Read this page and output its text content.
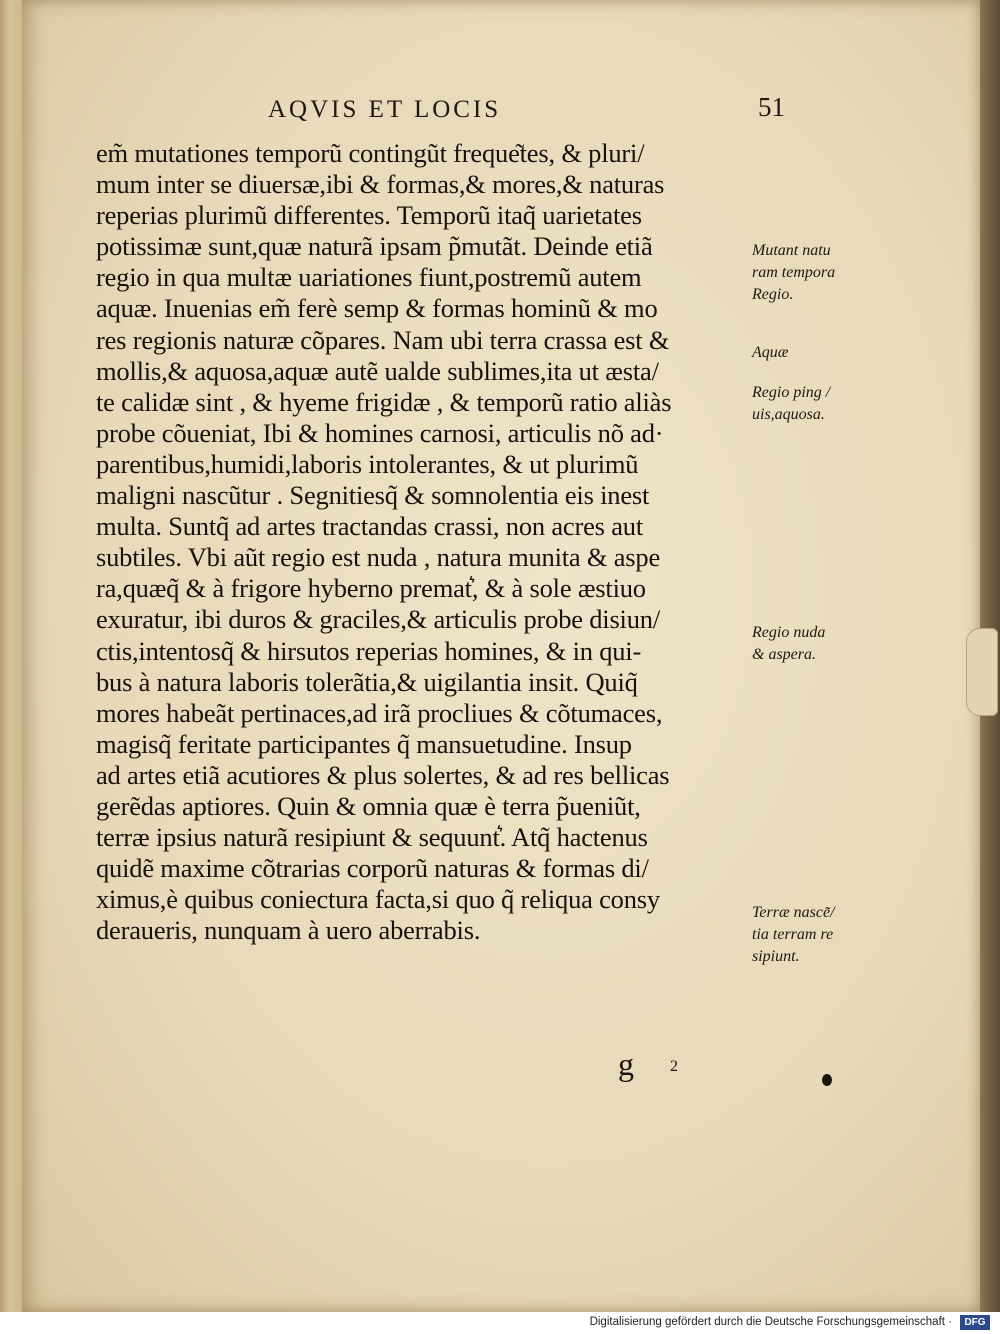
AQVIS ET LOCIS	51
em̃ mutationes temporũ contingũt freque͂tes, & pluri/
mum inter se diuersæ,ibi & formas,& mores,& naturas
reperias plurimũ differentes. Temporũ itaq̃ uarietates
potissimæ sunt,quæ naturã ipsam p̃mutãt. Deinde etiã
regio in qua multæ uariationes fiunt,postremũ autem
aquæ. Inuenias em̃ ferè semp & formas hominũ & mo
res regionis naturæ cõpares. Nam ubi terra crassa est &
mollis,& aquosa,aquæ autẽ ualde sublimes,ita ut æsta/
te calidæ sint , & hyeme frigidæ , & temporũ ratio aliàs
probe cõueniat, Ibi & homines carnosi, articulis nõ ad·
parentibus,humidi,laboris intolerantes, & ut plurimũ
maligni nascũtur . Segnitiesq̃ & somnolentia eis inest
multa. Suntq̃ ad artes tractandas crassi, non acres aut
subtiles. Vbi aũt regio est nuda , natura munita & aspe
ra,quæq̃ & à frigore hyberno premat͛, & à sole æstiuo
exuratur, ibi duros & graciles,& articulis probe disiun/
ctis,intentosq̃ & hirsutos reperias homines, & in qui-
bus à natura laboris tolerãtia,& uigilantia insit. Quiq̃
mores habeãt pertinaces,ad irã procliues & cõtumaces,
magisq̃ feritate participantes q̃ mansuetudine. Insup
ad artes etiã acutiores & plus solertes, & ad res bellicas
gerẽdas aptiores. Quin & omnia quæ è terra p̃ueniũt,
terræ ipsius naturã resipiunt & sequunt͛. Atq̃ hactenus
quidẽ maxime cõtrarias corporũ naturas & formas di/
ximus,è quibus coniectura facta,si quo q̃ reliqua consy
deraueris, nunquam à uero aberrabis.
Mutant natu
ram tempora
Regio.
Aquæ
Regio ping /
uis,aquosa.
Regio nuda
& aspera.
Terræ nasce͂/
tia terram re
sipiunt.
g 2
Digitalisierung gefördert durch die Deutsche Forschungsgemeinschaft ·	DFG
